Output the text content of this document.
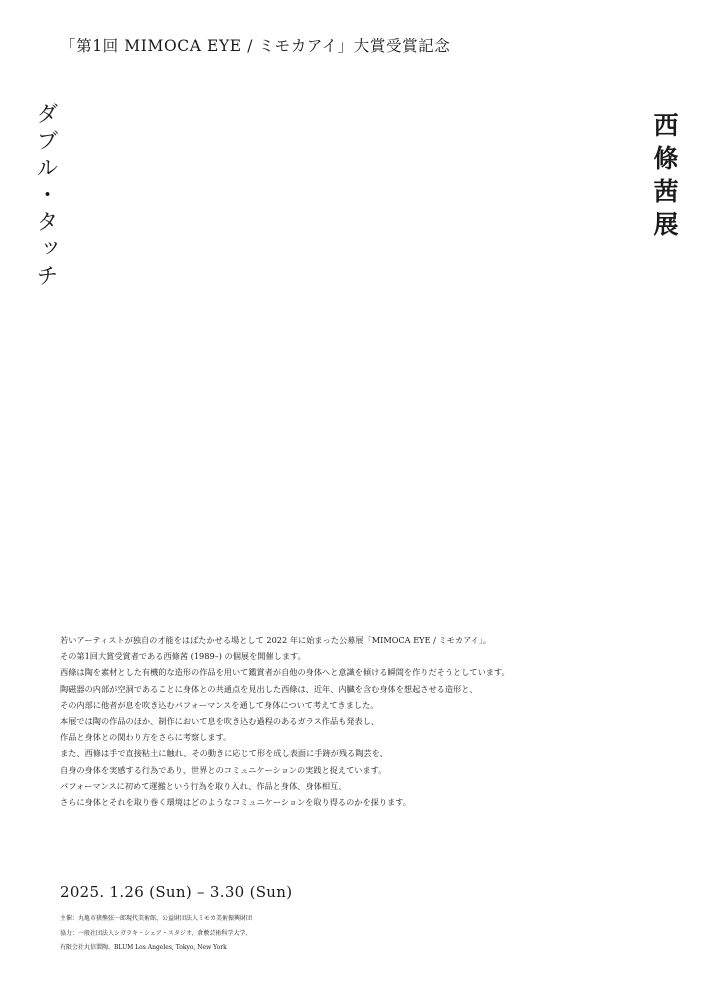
「第1回 MIMOCA EYE / ミモカアイ」大賞受賞記念
ダブル・タッチ	西條茜展
若いアーティストが独自の才能をはばたかせる場として 2022 年に始まった公募展「MIMOCA EYE / ミモカアイ」。
その第1回大賞受賞者である西條茜 (1989–) の個展を開催します。
西條は陶を素材とした有機的な造形の作品を用いて鑑賞者が自他の身体へと意識を傾ける瞬間を作りだそうとしています。
陶磁器の内部が空洞であることに身体との共通点を見出した西條は、近年、内臓を含む身体を想起させる造形と、
その内部に他者が息を吹き込むパフォーマンスを通して身体について考えてきました。
本展では陶の作品のほか、制作において息を吹き込む過程のあるガラス作品も発表し、
作品と身体との関わり方をさらに考察します。
また、西條は手で直接粘土に触れ、その動きに応じて形を成し表面に手跡が残る陶芸を、
自身の身体を実感する行為であり、世界とのコミュニケーションの実践と捉えています。
パフォーマンスに初めて運搬という行為を取り入れ、作品と身体、身体相互、
さらに身体とそれを取り巻く環境はどのようなコミュニケーションを取り得るのかを探ります。
2025. 1.26 (Sun) – 3.30 (Sun)
主催：丸亀市猪熊弦一郎現代美術館、公益財団法人ミモカ美術振興財団
協力：一般社団法人シガラキ・シェア・スタジオ、倉敷芸術科学大学、
有限会社丸信製陶、BLUM Los Angeles, Tokyo, New York
